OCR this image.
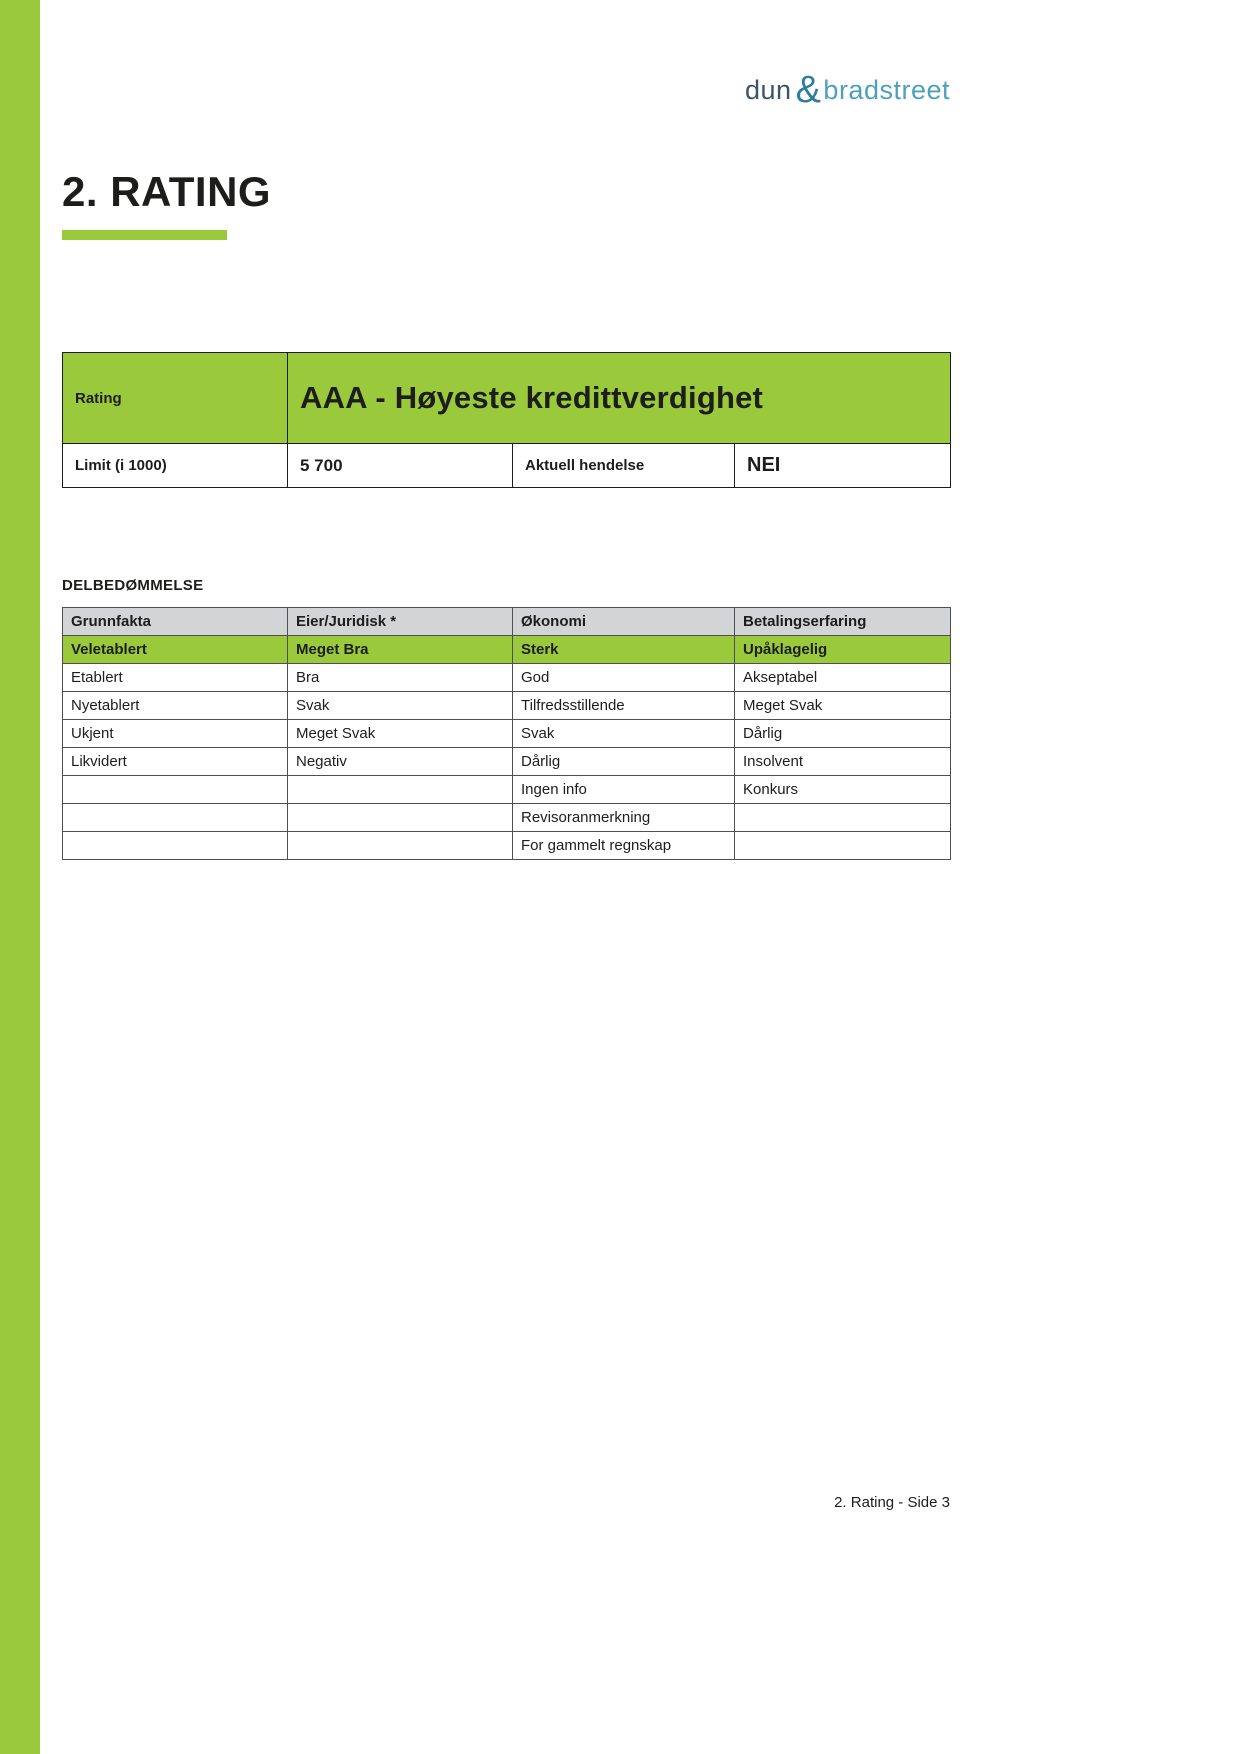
dun &bradstreet
2. RATING
Rating	AAA - Høyeste kredittverdighet		
Limit (i 1000)	5 700	Aktuell hendelse	NEI
DELBEDØMMELSE
Grunnfakta	Eier/Juridisk *	Økonomi	Betalingserfaring
Veletablert	Meget Bra	Sterk	Upåklagelig
Etablert	Bra	God	Akseptabel
Nyetablert	Svak	Tilfredsstillende	Meget Svak
Ukjent	Meget Svak	Svak	Dårlig
Likvidert	Negativ	Dårlig	Insolvent
		Ingen info	Konkurs
		Revisoranmerkning	
		For gammelt regnskap	
2. Rating - Side 3
